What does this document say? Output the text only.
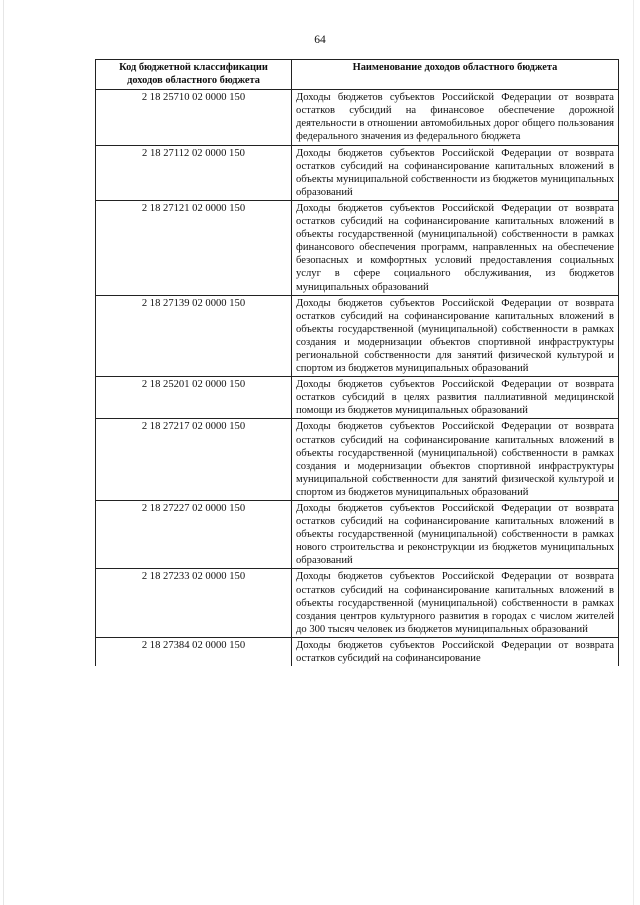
64
Код бюджетной классификации доходов областного бюджета	Наименование доходов областного бюджета
2 18 25710 02 0000 150	Доходы бюджетов субъектов Российской Федерации от возврата остатков субсидий на финансовое обеспечение дорожной деятельности в отношении автомобильных дорог общего пользования федерального значения из федерального бюджета
2 18 27112 02 0000 150	Доходы бюджетов субъектов Российской Федерации от возврата остатков субсидий на софинансирование капитальных вложений в объекты муниципальной собственности из бюджетов муниципальных образований
2 18 27121 02 0000 150	Доходы бюджетов субъектов Российской Федерации от возврата остатков субсидий на софинансирование капитальных вложений в объекты государственной (муниципальной) собственности в рамках финансового обеспечения программ, направленных на обеспечение безопасных и комфортных условий предоставления социальных услуг в сфере социального обслуживания, из бюджетов муниципальных образований
2 18 27139 02 0000 150	Доходы бюджетов субъектов Российской Федерации от возврата остатков субсидий на софинансирование капитальных вложений в объекты государственной (муниципальной) собственности в рамках создания и модернизации объектов спортивной инфраструктуры региональной собственности для занятий физической культурой и спортом из бюджетов муниципальных образований
2 18 25201 02 0000 150	Доходы бюджетов субъектов Российской Федерации от возврата остатков субсидий в целях развития паллиативной медицинской помощи из бюджетов муниципальных образований
2 18 27217 02 0000 150	Доходы бюджетов субъектов Российской Федерации от возврата остатков субсидий на софинансирование капитальных вложений в объекты государственной (муниципальной) собственности в рамках создания и модернизации объектов спортивной инфраструктуры муниципальной собственности для занятий физической культурой и спортом из бюджетов муниципальных образований
2 18 27227 02 0000 150	Доходы бюджетов субъектов Российской Федерации от возврата остатков субсидий на софинансирование капитальных вложений в объекты государственной (муниципальной) собственности в рамках нового строительства и реконструкции из бюджетов муниципальных образований
2 18 27233 02 0000 150	Доходы бюджетов субъектов Российской Федерации от возврата остатков субсидий на софинансирование капитальных вложений в объекты государственной (муниципальной) собственности в рамках создания центров культурного развития в городах с числом жителей до 300 тысяч человек из бюджетов муниципальных образований
2 18 27384 02 0000 150	Доходы бюджетов субъектов Российской Федерации от возврата остатков субсидий на софинансирование
